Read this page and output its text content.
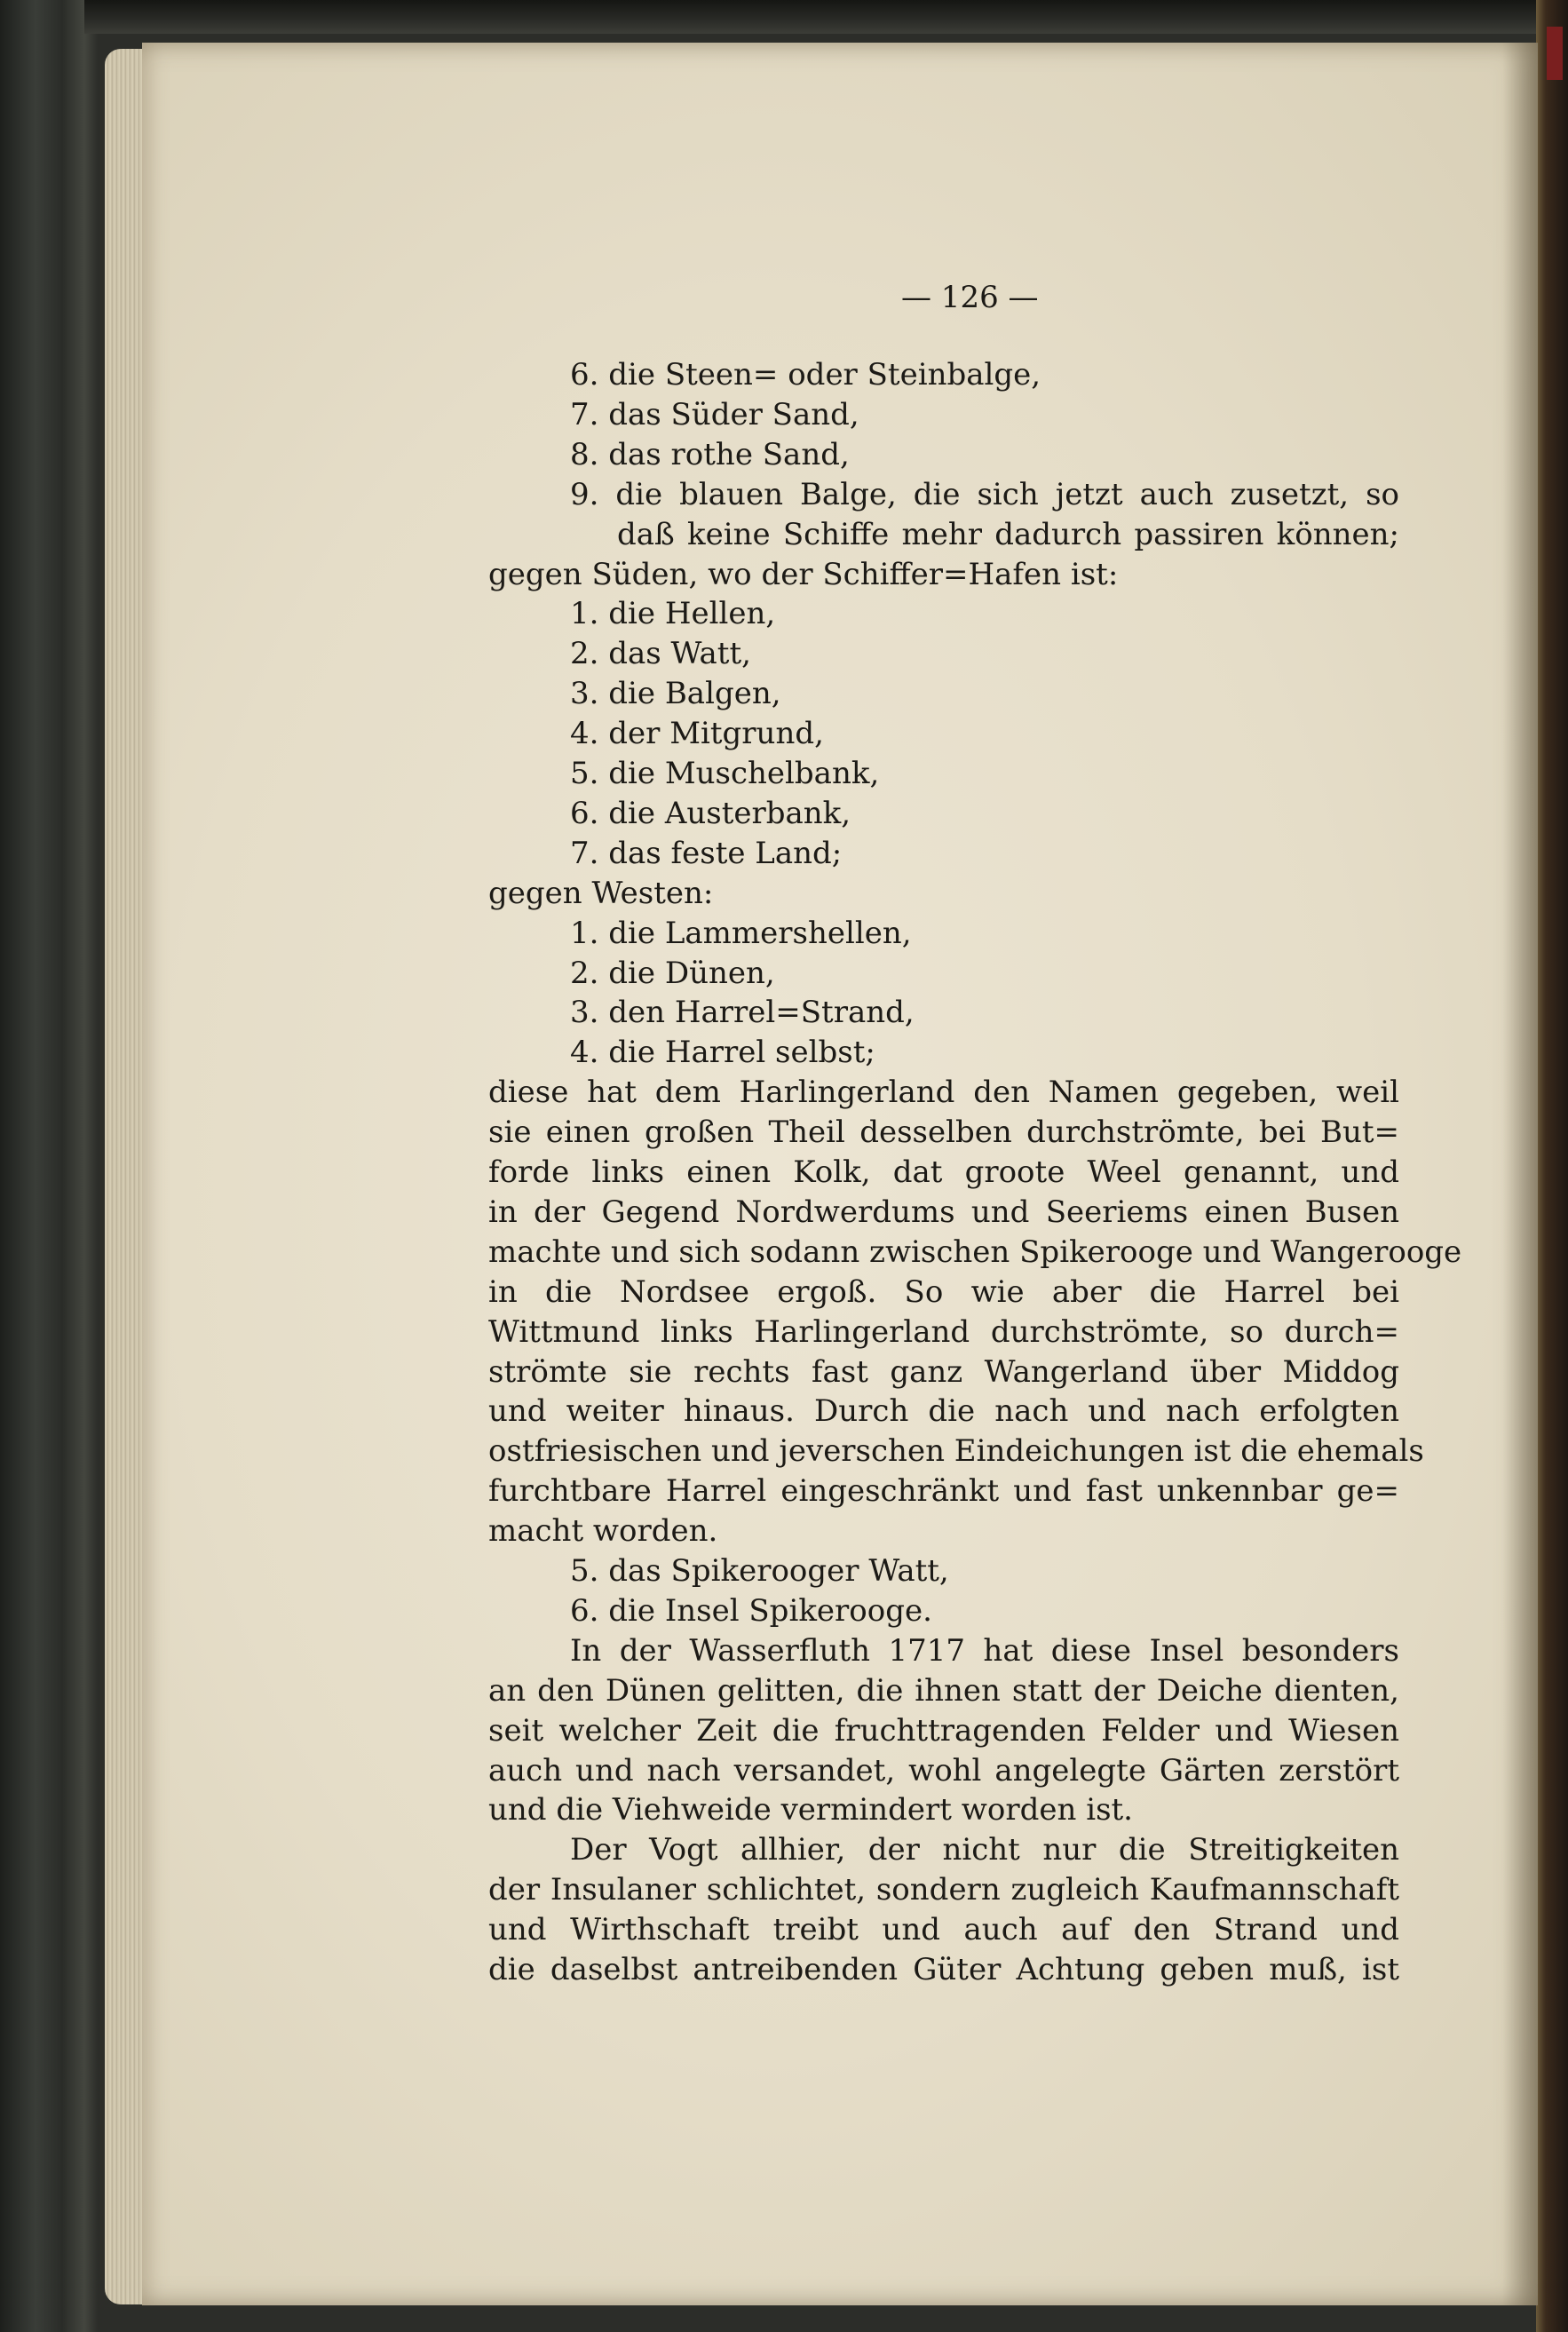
— 126 —
6. die Steen= oder Steinbalge,
7. das Süder Sand,
8. das rothe Sand,
9. die blauen Balge, die sich jetzt auch zusetzt, so
daß keine Schiffe mehr dadurch passiren können;
gegen Süden, wo der Schiffer=Hafen ist:
1. die Hellen,
2. das Watt,
3. die Balgen,
4. der Mitgrund,
5. die Muschelbank,
6. die Austerbank,
7. das feste Land;
gegen Westen:
1. die Lammershellen,
2. die Dünen,
3. den Harrel=Strand,
4. die Harrel selbst;
diese hat dem Harlingerland den Namen gegeben, weil
sie einen großen Theil desselben durchströmte, bei But=
forde links einen Kolk, dat groote Weel genannt, und
in der Gegend Nordwerdums und Seeriems einen Busen
machte und sich sodann zwischen Spikerooge und Wangerooge
in die Nordsee ergoß. So wie aber die Harrel bei
Wittmund links Harlingerland durchströmte, so durch=
strömte sie rechts fast ganz Wangerland über Middog
und weiter hinaus. Durch die nach und nach erfolgten
ostfriesischen und jeverschen Eindeichungen ist die ehemals
furchtbare Harrel eingeschränkt und fast unkennbar ge=
macht worden.
5. das Spikerooger Watt,
6. die Insel Spikerooge.
In der Wasserfluth 1717 hat diese Insel besonders
an den Dünen gelitten, die ihnen statt der Deiche dienten,
seit welcher Zeit die fruchttragenden Felder und Wiesen
auch und nach versandet, wohl angelegte Gärten zerstört
und die Viehweide vermindert worden ist.
Der Vogt allhier, der nicht nur die Streitigkeiten
der Insulaner schlichtet, sondern zugleich Kaufmannschaft
und Wirthschaft treibt und auch auf den Strand und
die daselbst antreibenden Güter Achtung geben muß, ist
